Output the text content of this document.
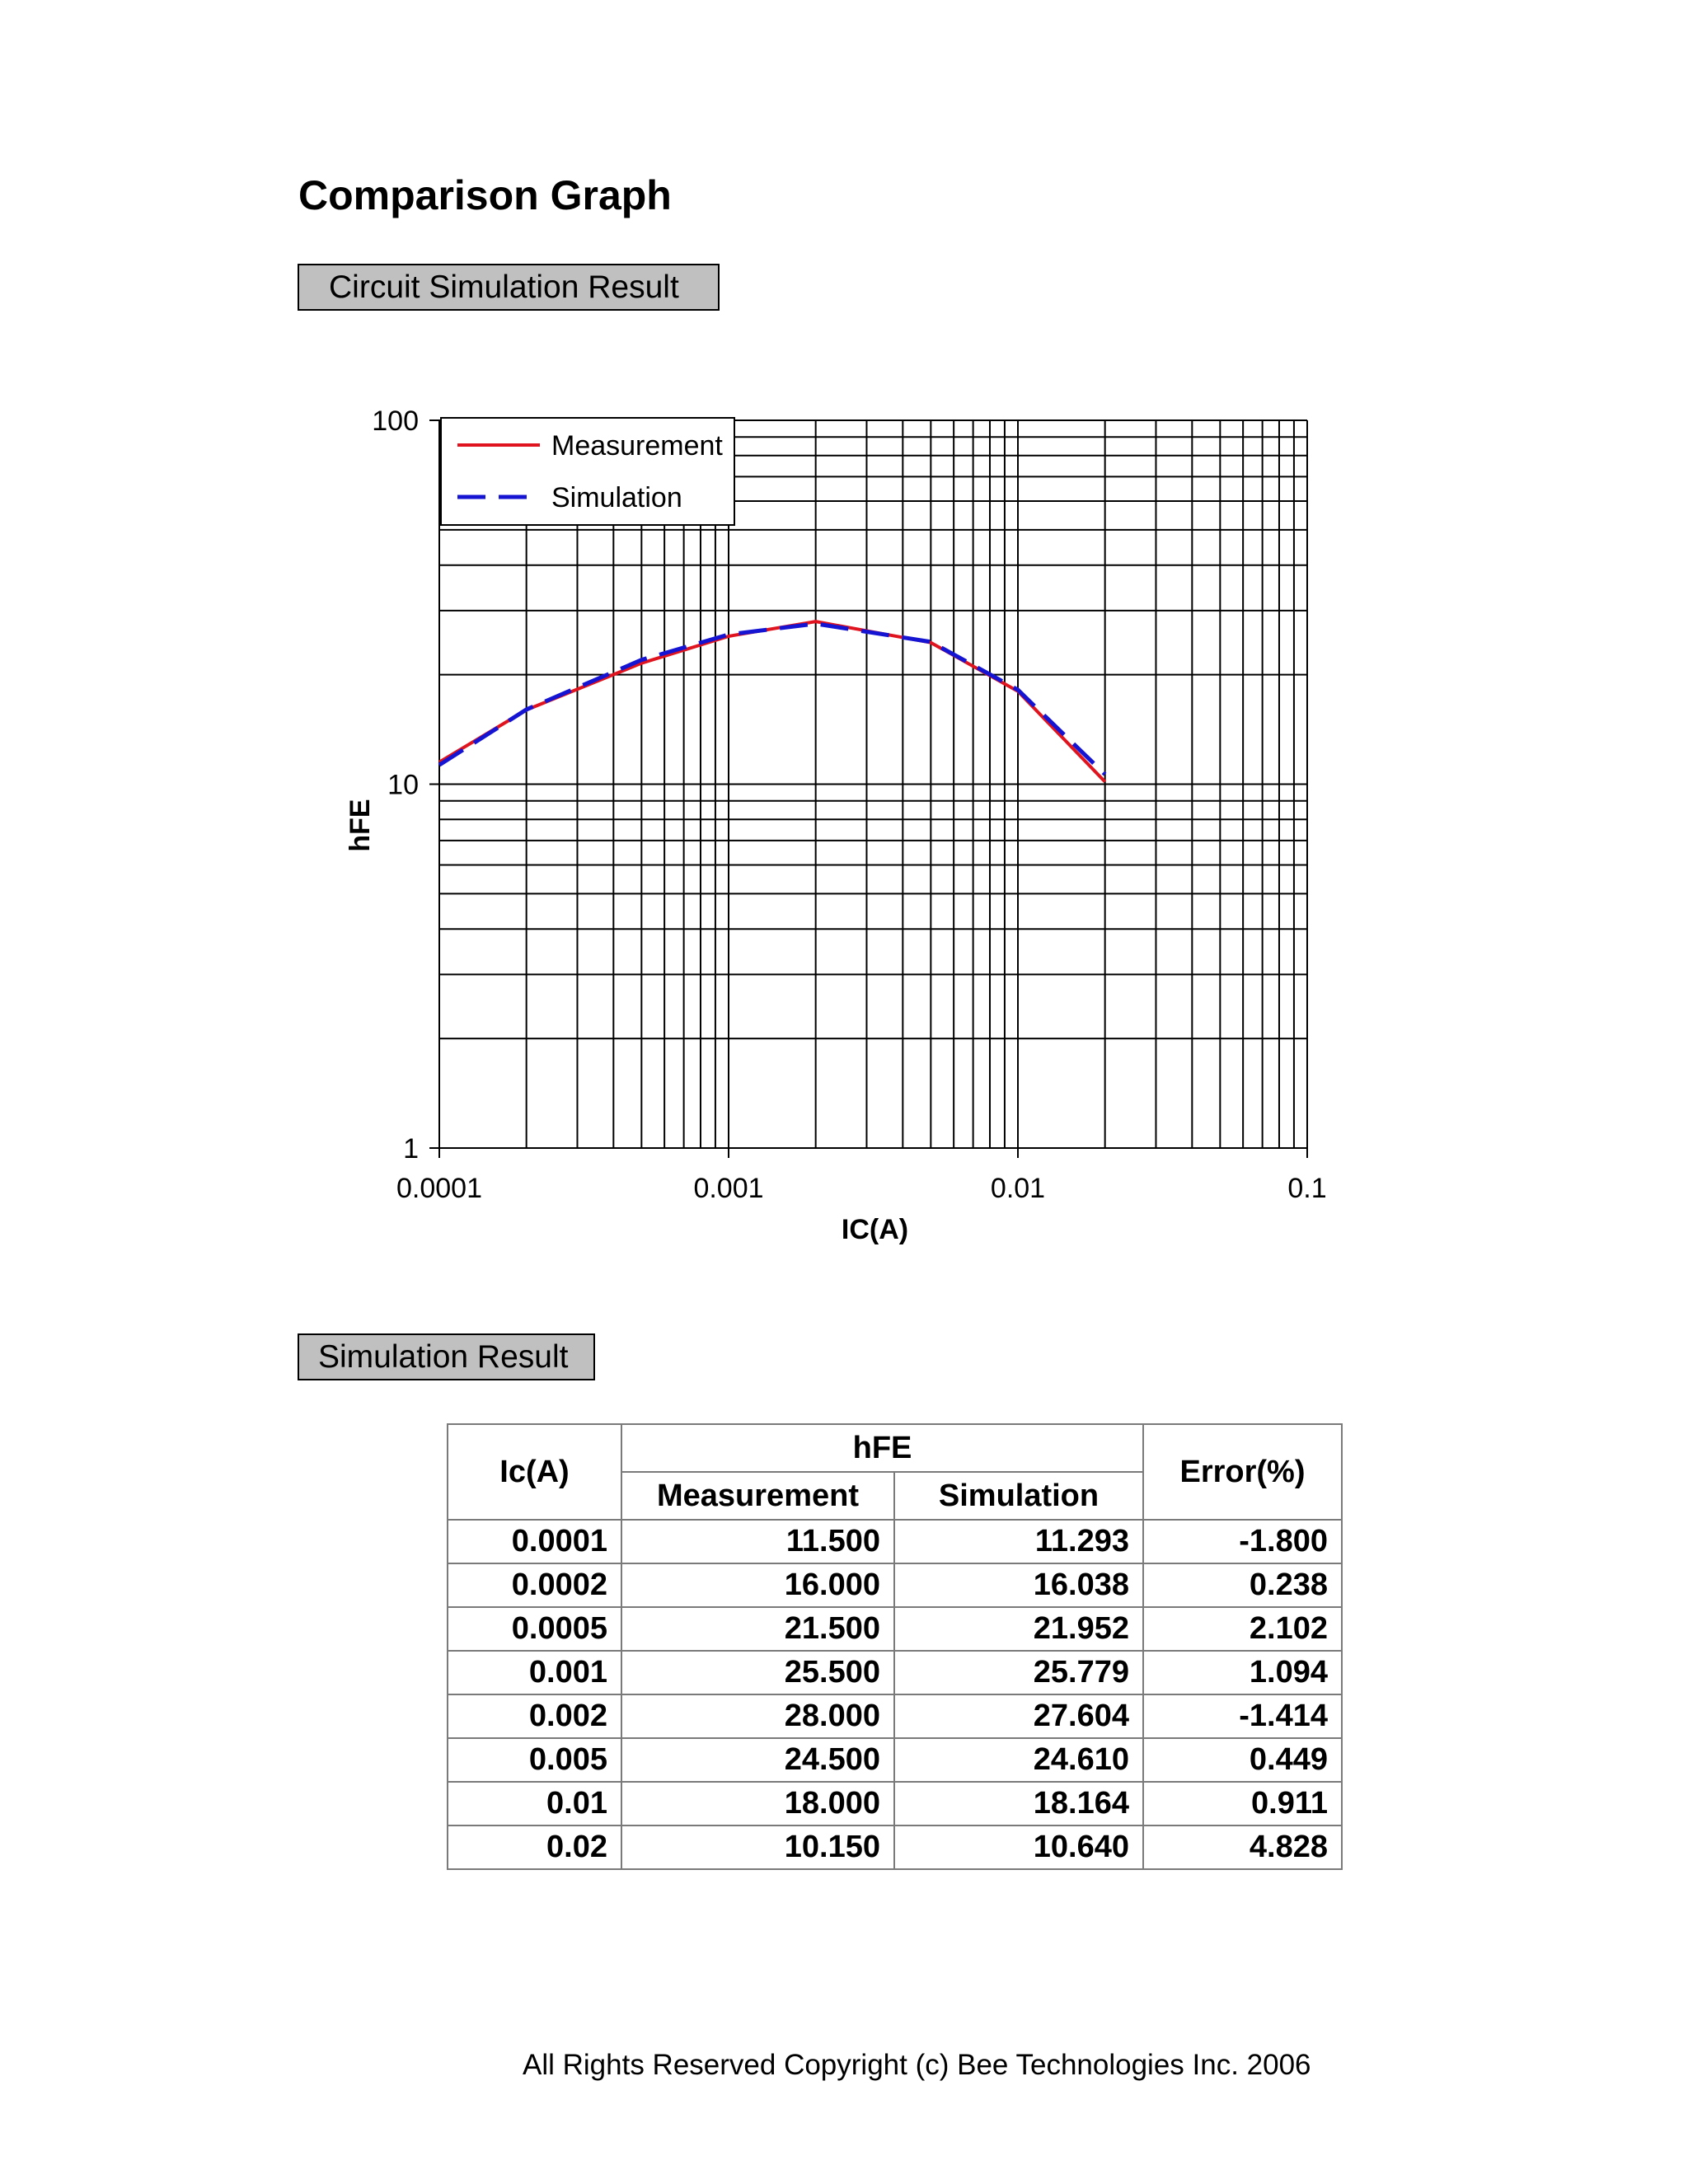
Comparison Graph
Circuit Simulation Result
0.0001	0.001	0.01	0.1
1
10
100
IC(A)
hFE
Measurement
Simulation
Simulation Result
Ic(A)	hFE		Error(%)
	Measurement	Simulation	
0.0001	11.500	11.293	-1.800
0.0002	16.000	16.038	0.238
0.0005	21.500	21.952	2.102
0.001	25.500	25.779	1.094
0.002	28.000	27.604	-1.414
0.005	24.500	24.610	0.449
0.01	18.000	18.164	0.911
0.02	10.150	10.640	4.828
All Rights Reserved Copyright (c) Bee Technologies Inc. 2006
